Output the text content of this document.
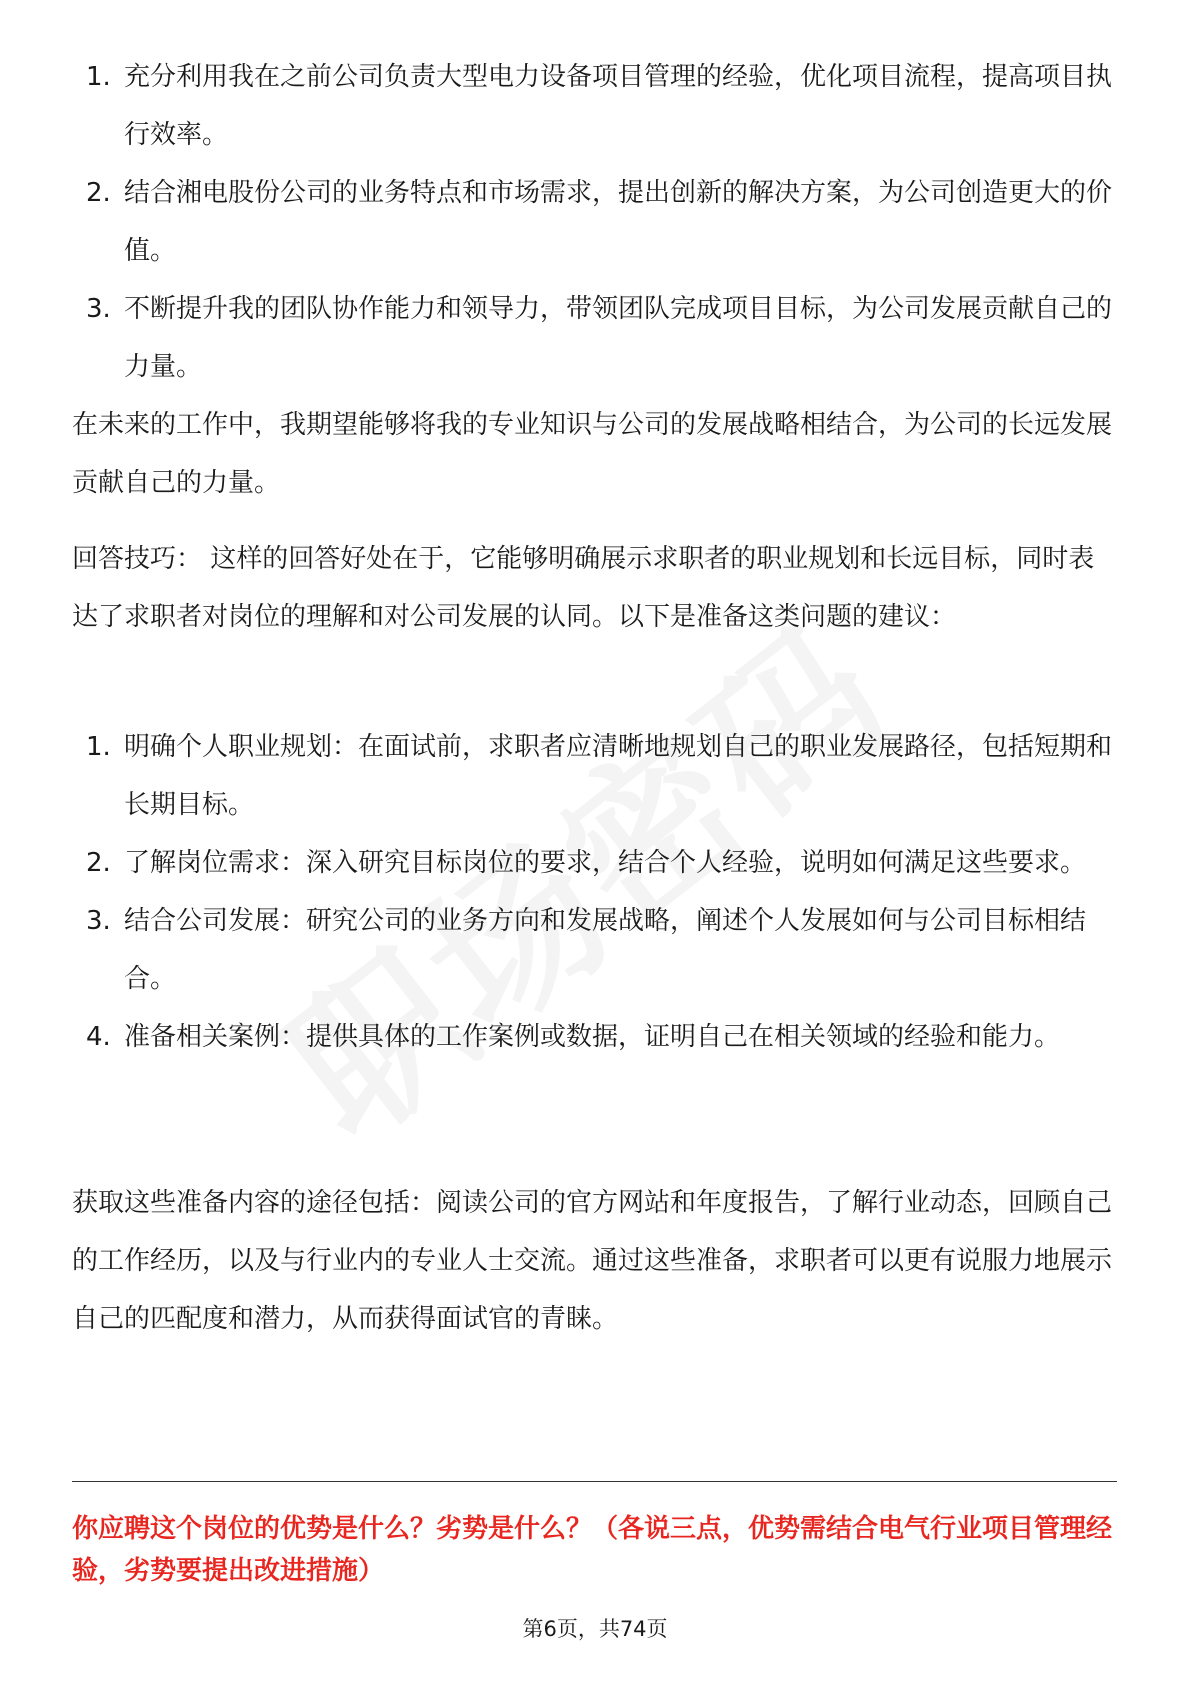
1. 充分利用我在之前公司负责大型电力设备项目管理的经验，优化项目流程，提高项目执行效率。
2. 结合湘电股份公司的业务特点和市场需求，提出创新的解决方案，为公司创造更大的价值。
3. 不断提升我的团队协作能力和领导力，带领团队完成项目目标，为公司发展贡献自己的力量。

在未来的工作中，我期望能够将我的专业知识与公司的发展战略相结合，为公司的长远发展贡献自己的力量。

回答技巧： 这样的回答好处在于，它能够明确展示求职者的职业规划和长远目标，同时表达了求职者对岗位的理解和对公司发展的认同。以下是准备这类问题的建议：

1. 明确个人职业规划：在面试前，求职者应清晰地规划自己的职业发展路径，包括短期和长期目标。
2. 了解岗位需求：深入研究目标岗位的要求，结合个人经验，说明如何满足这些要求。
3. 结合公司发展：研究公司的业务方向和发展战略，阐述个人发展如何与公司目标相结合。
4. 准备相关案例：提供具体的工作案例或数据，证明自己在相关领域的经验和能力。

获取这些准备内容的途径包括：阅读公司的官方网站和年度报告，了解行业动态，回顾自己的工作经历，以及与行业内的专业人士交流。通过这些准备，求职者可以更有说服力地展示自己的匹配度和潜力，从而获得面试官的青睐。

你应聘这个岗位的优势是什么？劣势是什么？（各说三点，优势需结合电气行业项目管理经验，劣势要提出改进措施）

第6页，共74页
